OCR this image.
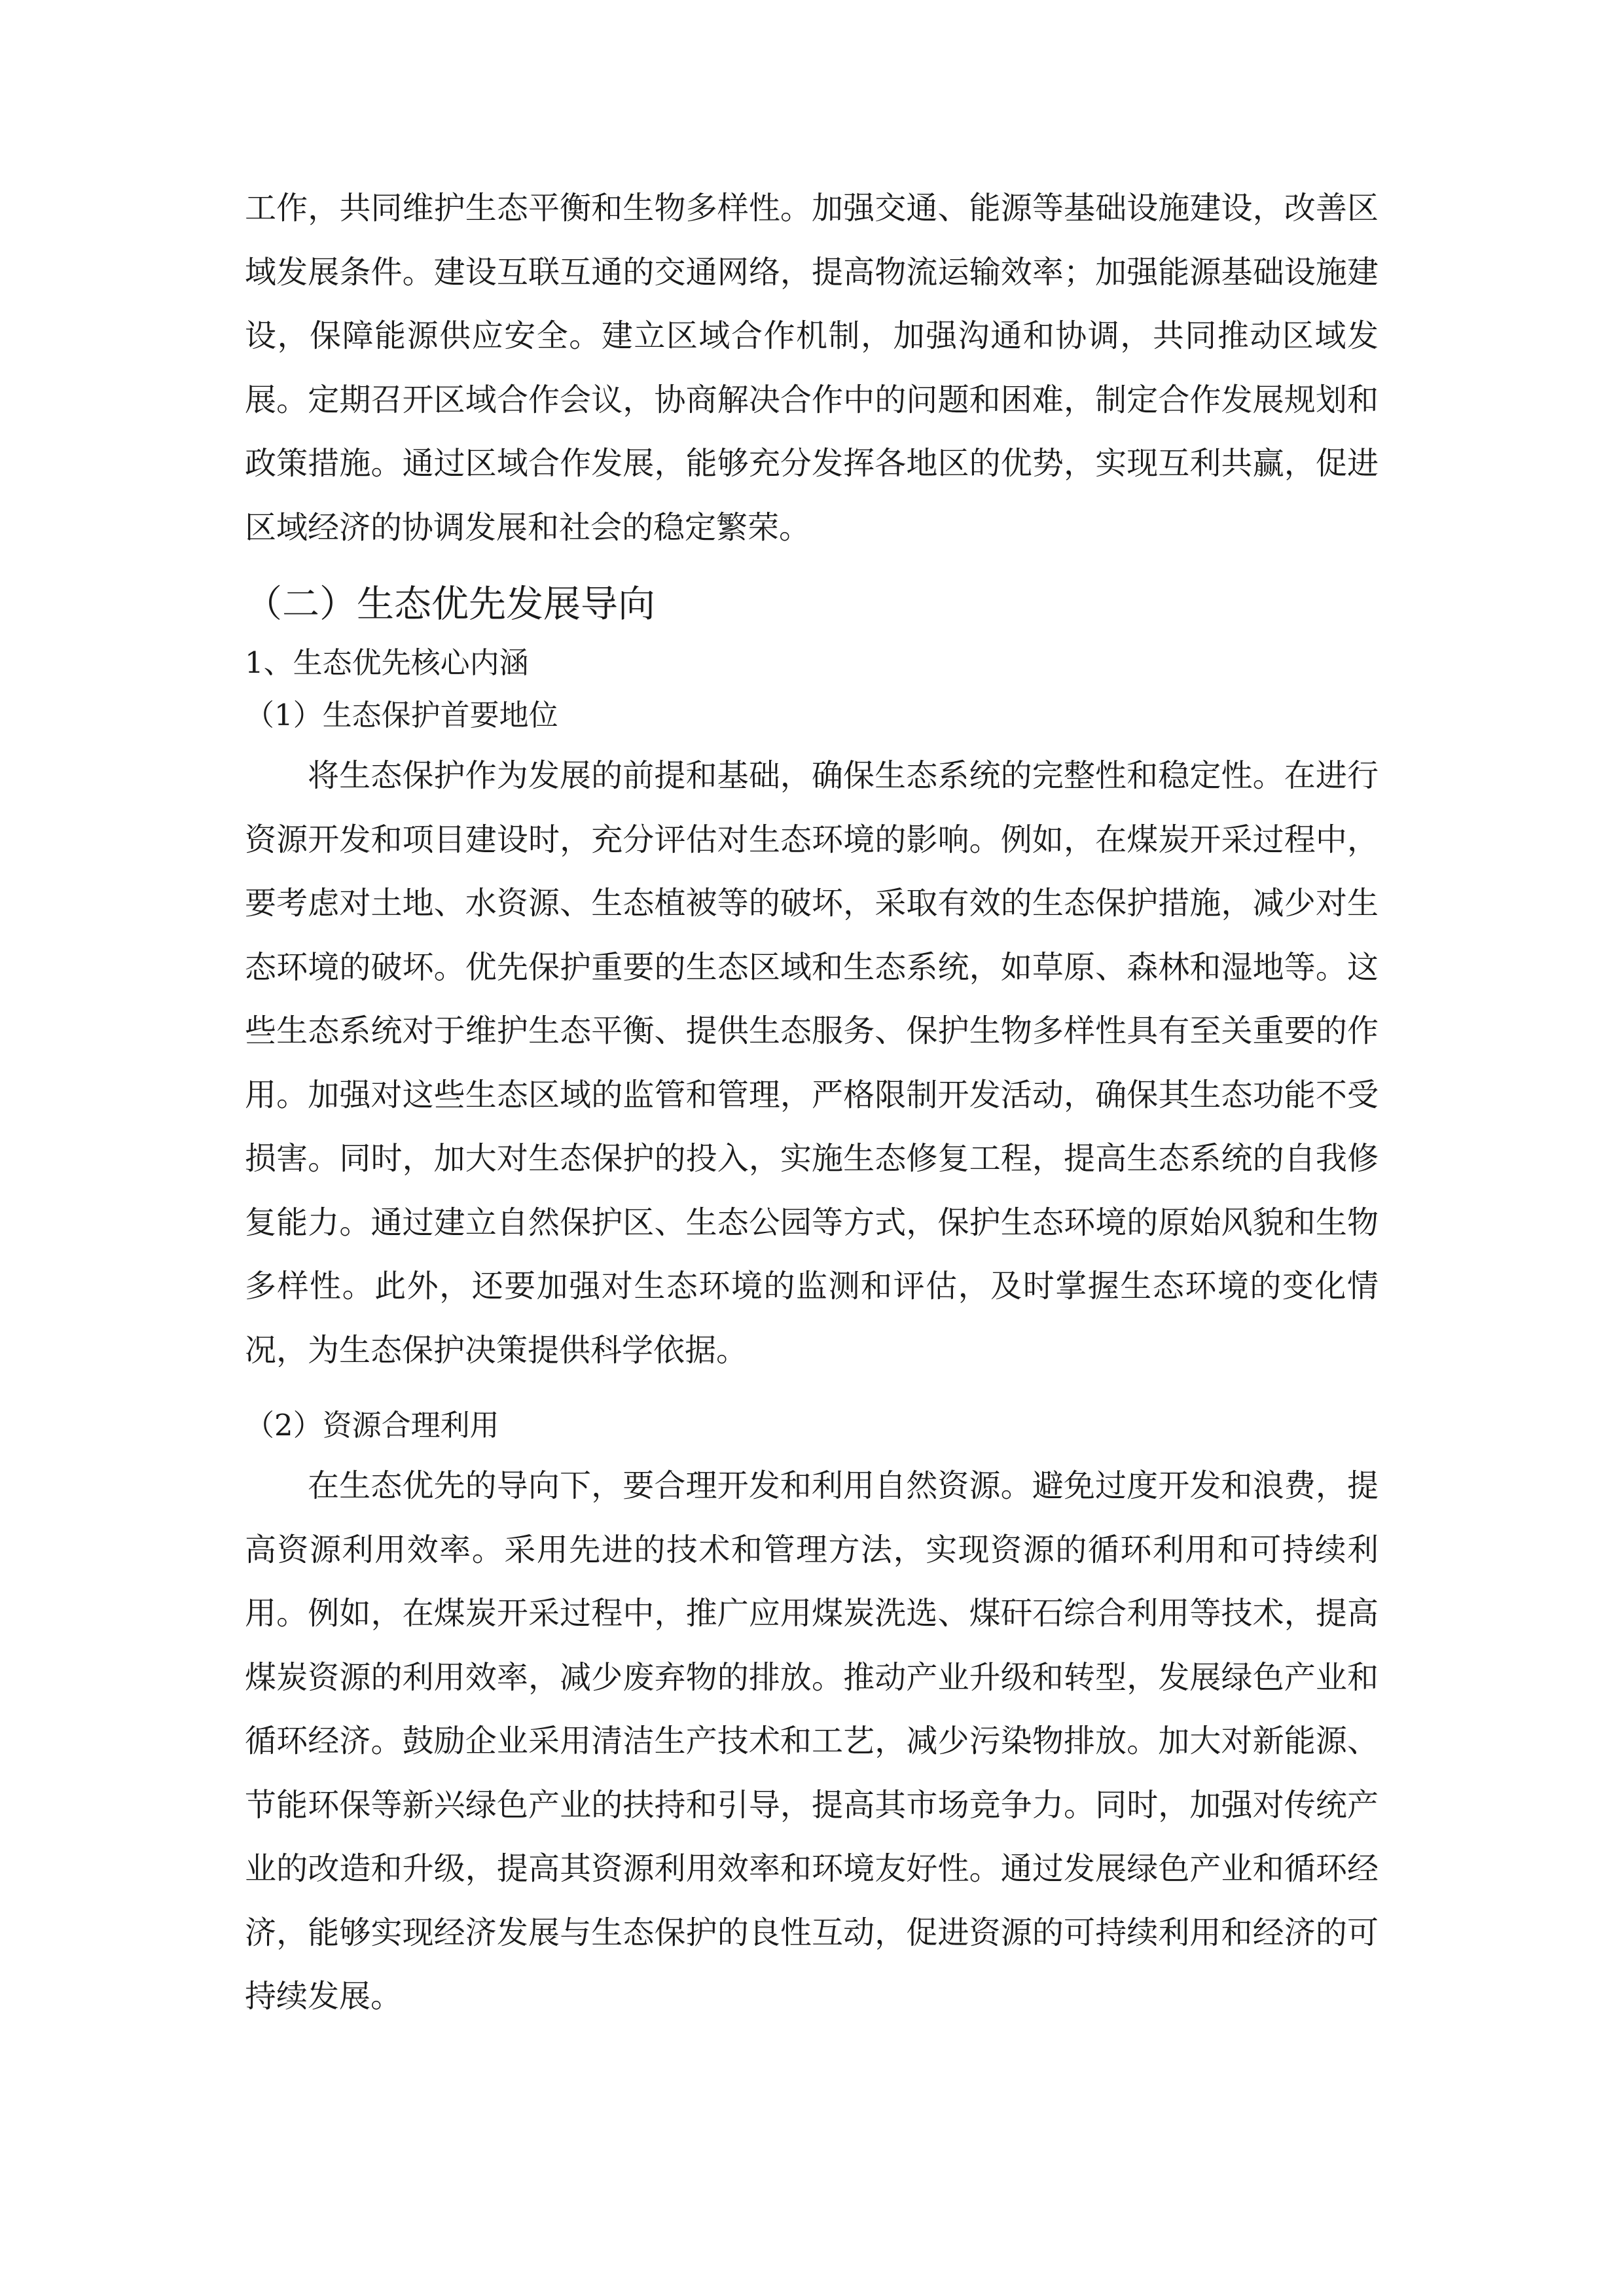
工作，共同维护生态平衡和生物多样性。加强交通、能源等基础设施建设，改善区域发展条件。建设互联互通的交通网络，提高物流运输效率；加强能源基础设施建设，保障能源供应安全。建立区域合作机制，加强沟通和协调，共同推动区域发展。定期召开区域合作会议，协商解决合作中的问题和困难，制定合作发展规划和政策措施。通过区域合作发展，能够充分发挥各地区的优势，实现互利共赢，促进区域经济的协调发展和社会的稳定繁荣。

（二）生态优先发展导向
1、生态优先核心内涵
（1）生态保护首要地位

将生态保护作为发展的前提和基础，确保生态系统的完整性和稳定性。在进行资源开发和项目建设时，充分评估对生态环境的影响。例如，在煤炭开采过程中，要考虑对土地、水资源、生态植被等的破坏，采取有效的生态保护措施，减少对生态环境的破坏。优先保护重要的生态区域和生态系统，如草原、森林和湿地等。这些生态系统对于维护生态平衡、提供生态服务、保护生物多样性具有至关重要的作用。加强对这些生态区域的监管和管理，严格限制开发活动，确保其生态功能不受损害。同时，加大对生态保护的投入，实施生态修复工程，提高生态系统的自我修复能力。通过建立自然保护区、生态公园等方式，保护生态环境的原始风貌和生物多样性。此外，还要加强对生态环境的监测和评估，及时掌握生态环境的变化情况，为生态保护决策提供科学依据。

（2）资源合理利用

在生态优先的导向下，要合理开发和利用自然资源。避免过度开发和浪费，提高资源利用效率。采用先进的技术和管理方法，实现资源的循环利用和可持续利用。例如，在煤炭开采过程中，推广应用煤炭洗选、煤矸石综合利用等技术，提高煤炭资源的利用效率，减少废弃物的排放。推动产业升级和转型，发展绿色产业和循环经济。鼓励企业采用清洁生产技术和工艺，减少污染物排放。加大对新能源、节能环保等新兴绿色产业的扶持和引导，提高其市场竞争力。同时，加强对传统产业的改造和升级，提高其资源利用效率和环境友好性。通过发展绿色产业和循环经济，能够实现经济发展与生态保护的良性互动，促进资源的可持续利用和经济的可持续发展。
